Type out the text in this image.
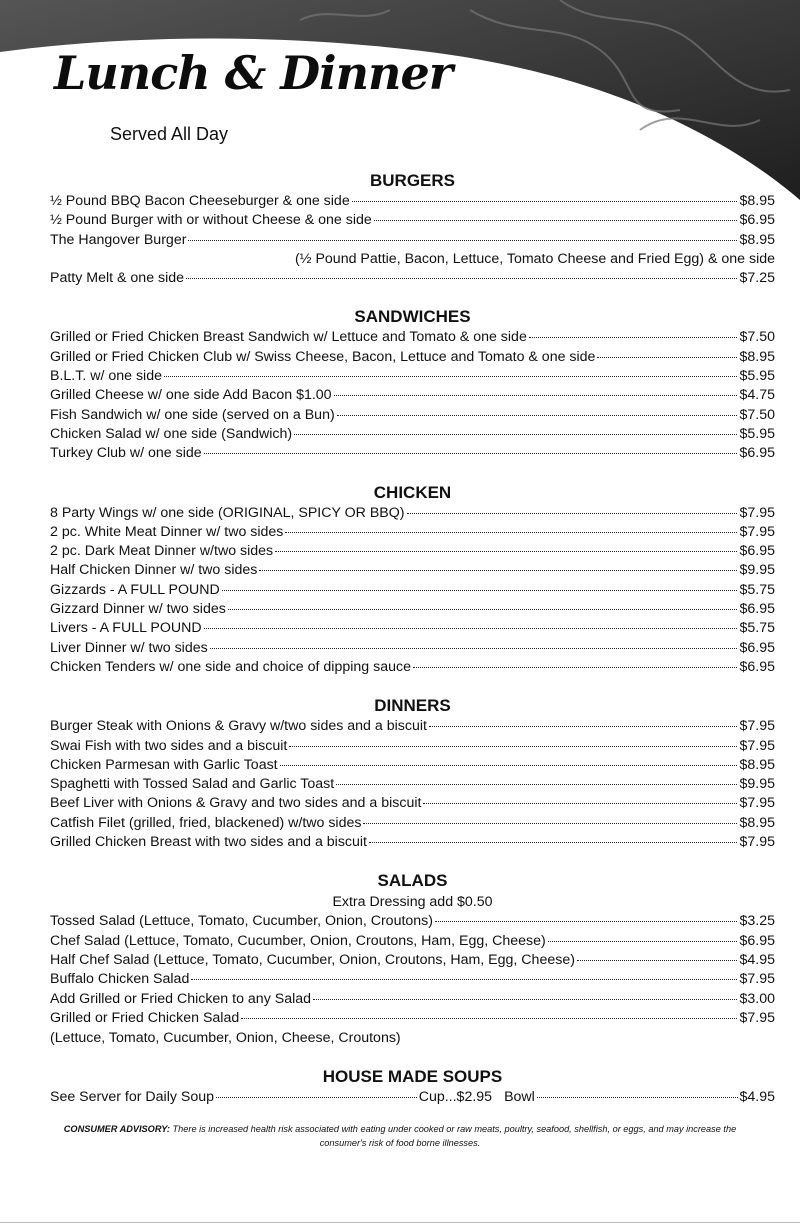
Lunch & Dinner
Served All Day
BURGERS
½ Pound BBQ Bacon Cheeseburger & one side	$8.95
½ Pound Burger with or without Cheese & one side	$6.95
The Hangover Burger	$8.95
(½ Pound Pattie, Bacon, Lettuce, Tomato Cheese and Fried Egg) & one side
Patty Melt & one side	$7.25
SANDWICHES
Grilled or Fried Chicken Breast Sandwich w/ Lettuce and Tomato & one side	$7.50
Grilled or Fried Chicken Club w/ Swiss Cheese, Bacon, Lettuce and Tomato & one side	$8.95
B.L.T. w/ one side	$5.95
Grilled Cheese w/ one side Add Bacon $1.00	$4.75
Fish Sandwich w/ one side (served on a Bun)	$7.50
Chicken Salad w/ one side (Sandwich)	$5.95
Turkey Club w/ one side	$6.95
CHICKEN
8 Party Wings w/ one side (ORIGINAL, SPICY OR BBQ)	$7.95
2 pc. White Meat Dinner w/ two sides	$7.95
2 pc. Dark Meat Dinner w/two sides	$6.95
Half Chicken Dinner w/ two sides	$9.95
Gizzards - A FULL POUND	$5.75
Gizzard Dinner w/ two sides	$6.95
Livers - A FULL POUND	$5.75
Liver Dinner w/ two sides	$6.95
Chicken Tenders w/ one side and choice of dipping sauce	$6.95
DINNERS
Burger Steak with Onions & Gravy w/two sides and a biscuit	$7.95
Swai Fish with two sides and a biscuit	$7.95
Chicken Parmesan with Garlic Toast	$8.95
Spaghetti with Tossed Salad and Garlic Toast	$9.95
Beef Liver with Onions & Gravy and two sides and a biscuit	$7.95
Catfish Filet (grilled, fried, blackened) w/two sides	$8.95
Grilled Chicken Breast with two sides and a biscuit	$7.95
SALADS
Extra Dressing add $0.50
Tossed Salad (Lettuce, Tomato, Cucumber, Onion, Croutons)	$3.25
Chef Salad (Lettuce, Tomato, Cucumber, Onion, Croutons, Ham, Egg, Cheese)	$6.95
Half Chef Salad (Lettuce, Tomato, Cucumber, Onion, Croutons, Ham, Egg, Cheese)	$4.95
Buffalo Chicken Salad	$7.95
Add Grilled or Fried Chicken to any Salad	$3.00
Grilled or Fried Chicken Salad	$7.95
(Lettuce, Tomato, Cucumber, Onion, Cheese, Croutons)
HOUSE MADE SOUPS
See Server for Daily Soup	Cup...$2.95 Bowl	$4.95
CONSUMER ADVISORY: There is increased health risk associated with eating under cooked or raw meats, poultry, seafood, shellfish, or eggs, and may increase the consumer's risk of food borne illnesses.
